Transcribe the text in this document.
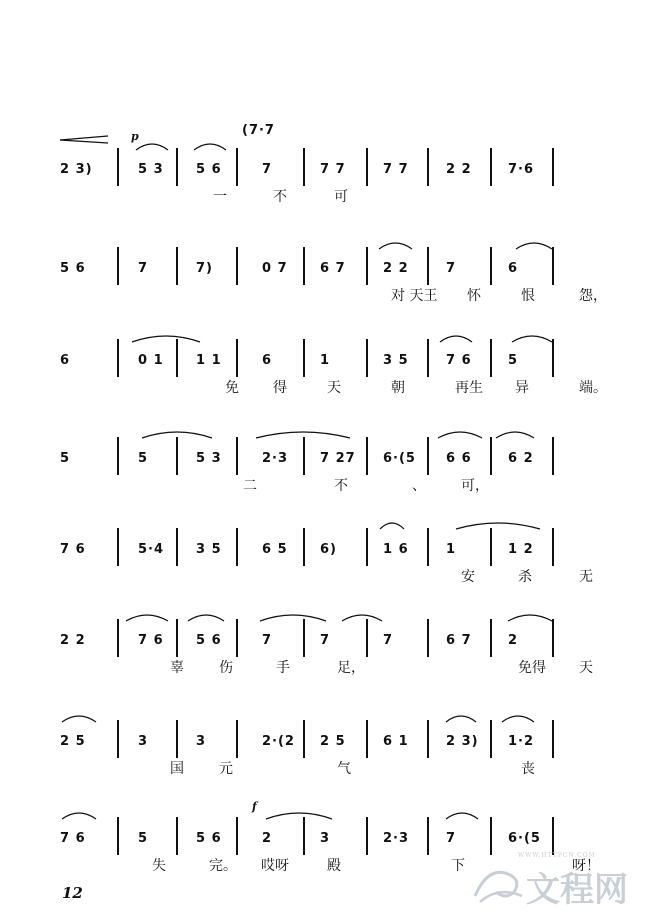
p	(7·7
f
2 3)	5 3 5 6	7	7 7	7 7	2 2	7·6
一	不	可
5 6	7	7)	0 7 6 7	2 2	7	6
对 天王 怀	恨	怨，
6	0 1 1 1	6	1	3 5	7 6	5
免 得	天	朝	再生 异	端。
5	5	5 3	2·3 7 27 6·(5 6 6	6 2
二	不	、	可，
7 6	5·4 3 5	6 5 6)	1 6	1	1 2
安	杀	无
2 2	7 6 5 6	7	7	7	6 7	2
辜	伤	手	足，	免得 天
2 5	3	3	2·(2 2 5	6 1	2 3) 1·2
国	元	气	丧
7 6	5	5 6	2	3	2·3	7	6·(5
失	完。 哎呀	殿	下	呀！
12
WWW.HTTPCN.COM
文程网
